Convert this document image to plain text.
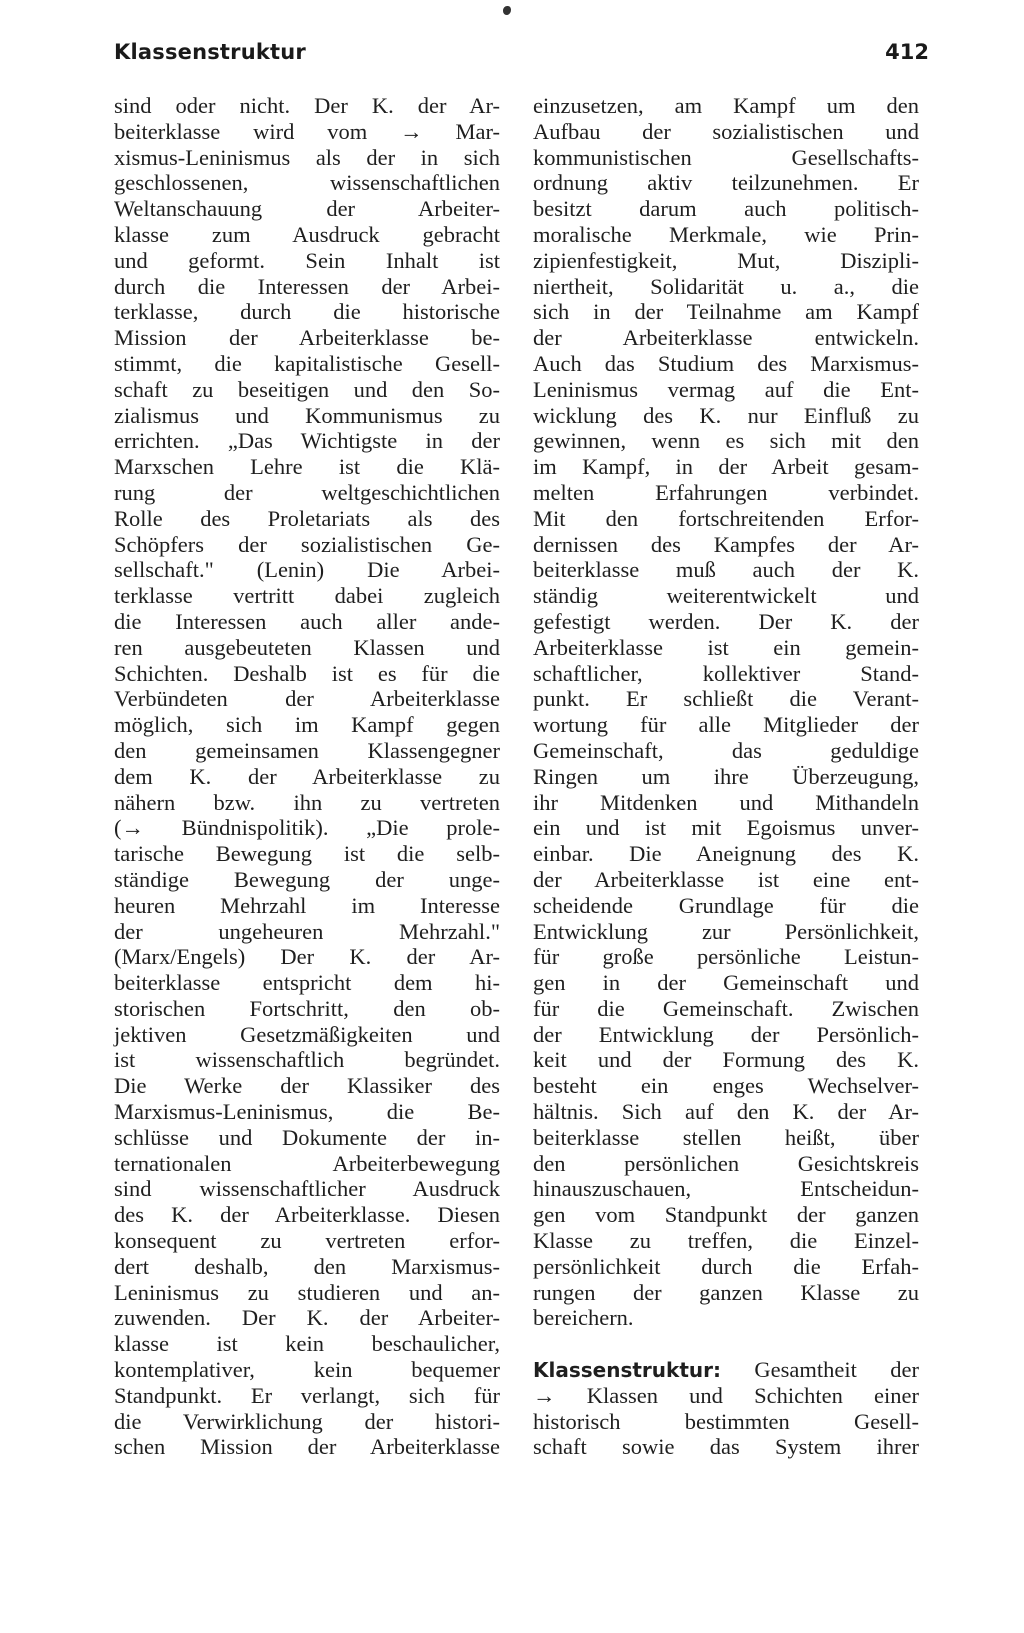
Klassenstruktur	412
sind oder nicht. Der K. der Ar-
beiterklasse wird vom → Mar-
xismus-Leninismus als der in sich
geschlossenen, wissenschaftlichen
Weltanschauung der Arbeiter-
klasse zum Ausdruck gebracht
und geformt. Sein Inhalt ist
durch die Interessen der Arbei-
terklasse, durch die historische
Mission der Arbeiterklasse be-
stimmt, die kapitalistische Gesell-
schaft zu beseitigen und den So-
zialismus und Kommunismus zu
errichten. „Das Wichtigste in der
Marxschen Lehre ist die Klä-
rung der weltgeschichtlichen
Rolle des Proletariats als des
Schöpfers der sozialistischen Ge-
sellschaft." (Lenin) Die Arbei-
terklasse vertritt dabei zugleich
die Interessen auch aller ande-
ren ausgebeuteten Klassen und
Schichten. Deshalb ist es für die
Verbündeten der Arbeiterklasse
möglich, sich im Kampf gegen
den gemeinsamen Klassengegner
dem K. der Arbeiterklasse zu
nähern bzw. ihn zu vertreten
(→ Bündnispolitik). „Die prole-
tarische Bewegung ist die selb-
ständige Bewegung der unge-
heuren Mehrzahl im Interesse
der ungeheuren Mehrzahl."
(Marx/Engels) Der K. der Ar-
beiterklasse entspricht dem hi-
storischen Fortschritt, den ob-
jektiven Gesetzmäßigkeiten und
ist wissenschaftlich begründet.
Die Werke der Klassiker des
Marxismus-Leninismus, die Be-
schlüsse und Dokumente der in-
ternationalen Arbeiterbewegung
sind wissenschaftlicher Ausdruck
des K. der Arbeiterklasse. Diesen
konsequent zu vertreten erfor-
dert deshalb, den Marxismus-
Leninismus zu studieren und an-
zuwenden. Der K. der Arbeiter-
klasse ist kein beschaulicher,
kontemplativer, kein bequemer
Standpunkt. Er verlangt, sich für
die Verwirklichung der histori-
schen Mission der Arbeiterklasse
einzusetzen, am Kampf um den
Aufbau der sozialistischen und
kommunistischen Gesellschafts-
ordnung aktiv teilzunehmen. Er
besitzt darum auch politisch-
moralische Merkmale, wie Prin-
zipienfestigkeit, Mut, Diszipli-
niertheit, Solidarität u. a., die
sich in der Teilnahme am Kampf
der Arbeiterklasse entwickeln.
Auch das Studium des Marxismus-
Leninismus vermag auf die Ent-
wicklung des K. nur Einfluß zu
gewinnen, wenn es sich mit den
im Kampf, in der Arbeit gesam-
melten Erfahrungen verbindet.
Mit den fortschreitenden Erfor-
dernissen des Kampfes der Ar-
beiterklasse muß auch der K.
ständig weiterentwickelt und
gefestigt werden. Der K. der
Arbeiterklasse ist ein gemein-
schaftlicher, kollektiver Stand-
punkt. Er schließt die Verant-
wortung für alle Mitglieder der
Gemeinschaft, das geduldige
Ringen um ihre Überzeugung,
ihr Mitdenken und Mithandeln
ein und ist mit Egoismus unver-
einbar. Die Aneignung des K.
der Arbeiterklasse ist eine ent-
scheidende Grundlage für die
Entwicklung zur Persönlichkeit,
für große persönliche Leistun-
gen in der Gemeinschaft und
für die Gemeinschaft. Zwischen
der Entwicklung der Persönlich-
keit und der Formung des K.
besteht ein enges Wechselver-
hältnis. Sich auf den K. der Ar-
beiterklasse stellen heißt, über
den persönlichen Gesichtskreis
hinauszuschauen, Entscheidun-
gen vom Standpunkt der ganzen
Klasse zu treffen, die Einzel-
persönlichkeit durch die Erfah-
rungen der ganzen Klasse zu
bereichern.
Klassenstruktur: Gesamtheit der
→ Klassen und Schichten einer
historisch bestimmten Gesell-
schaft sowie das System ihrer
